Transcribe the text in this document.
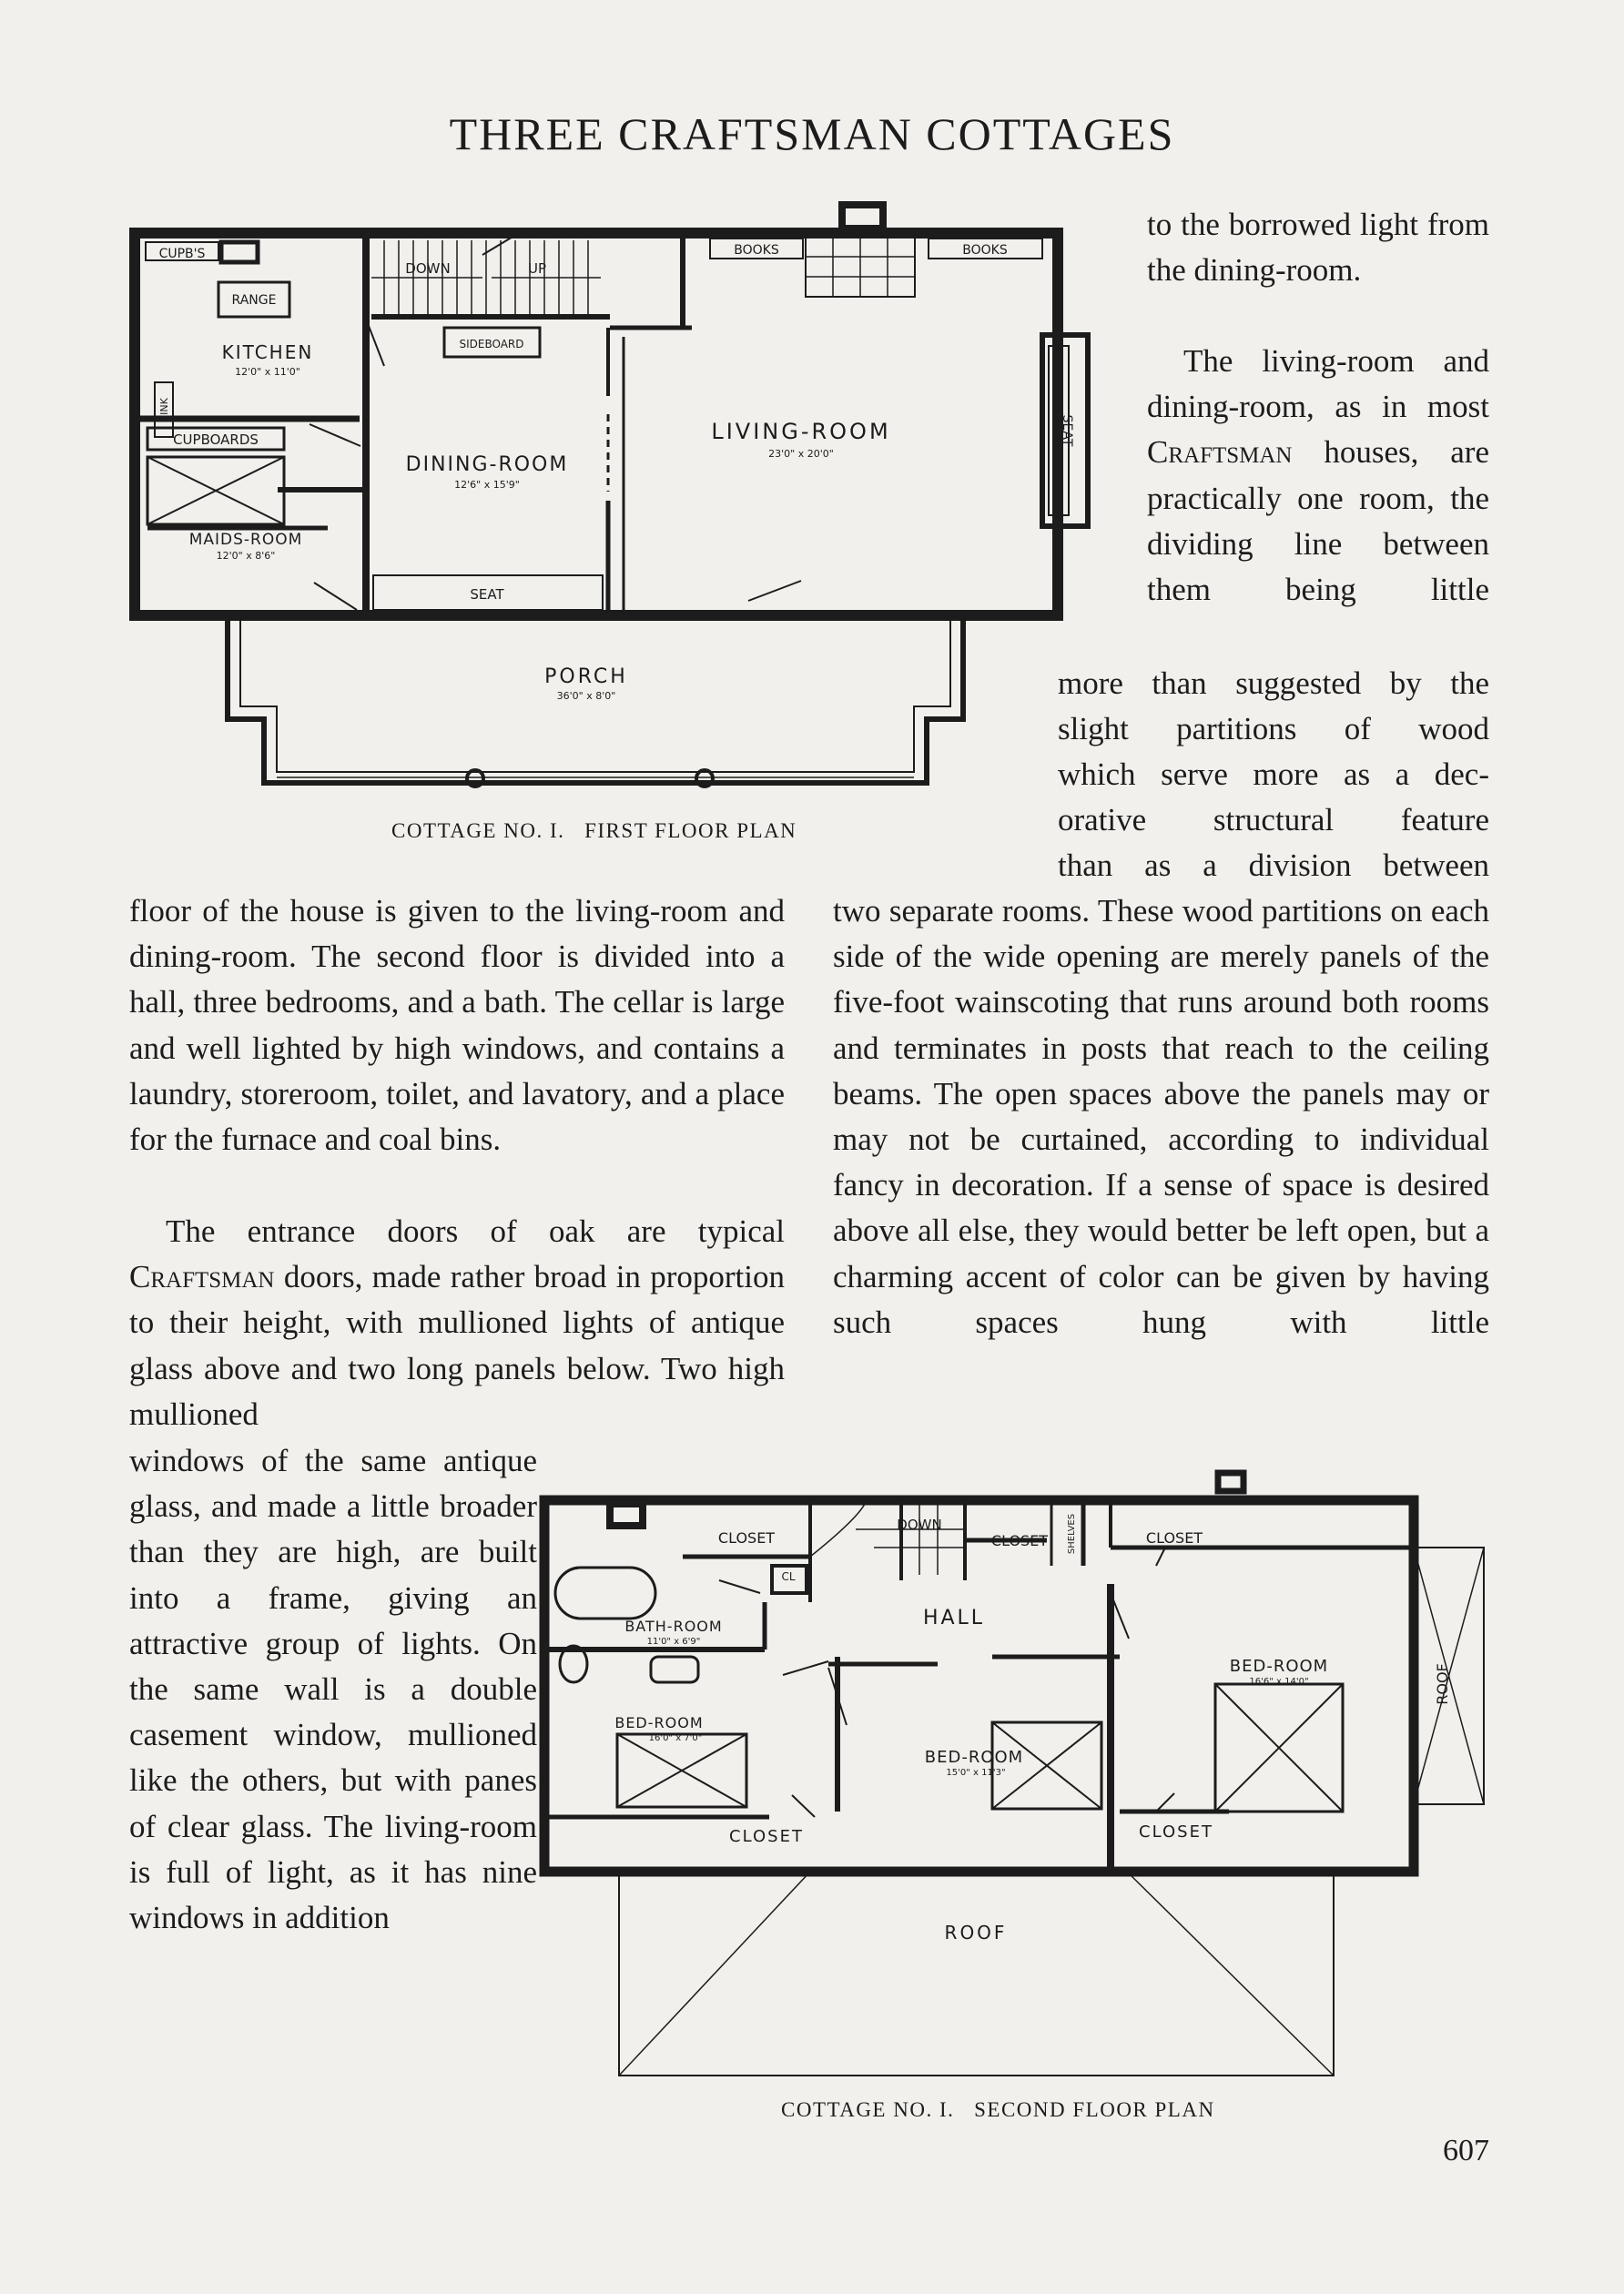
THREE CRAFTSMAN COTTAGES
CUPB'S
RANGE
KITCHEN
12'0" x 11'0"
SINK
CUPBOARDS
MAIDS-ROOM
12'0" x 8'6"
DOWN	UP
SIDEBOARD
DINING-ROOM
12'6" x 15'9"
SEAT
BOOKS	BOOKS
LIVING-ROOM
23'0" x 20'0"
SEAT
PORCH
36'0" x 8'0"

COTTAGE NO. I.   FIRST FLOOR PLAN

to the borrowed light from the dining-room.

The living-room and dining-room, as in most Craftsman houses, are practically one room, the dividing line between them being little

more than suggested by the

slight partitions of wood

which serve more as a dec-

orative structural feature

than as a division between

floor of the house is given to the living-room and dining-room. The second floor is divided into a hall, three bedrooms, and a bath. The cellar is large and well lighted by high windows, and contains a laundry, storeroom, toilet, and lavatory, and a place for the furnace and coal bins.

The entrance doors of oak are typical Craftsman doors, made rather broad in proportion to their height, with mullioned lights of antique glass above and two long panels below. Two high mullioned

two separate rooms. These wood partitions on each side of the wide opening are merely panels of the five-foot wainscoting that runs around both rooms and terminates in posts that reach to the ceiling beams. The open spaces above the panels may or may not be curtained, according to individual fancy in decoration. If a sense of space is desired above all else, they would better be left open, but a charming accent of color can be given by having such spaces hung with little

windows of the same antique glass, and made a little broader than they are high, are built into a frame, giving an attractive group of lights. On the same wall is a double casement window, mullioned like the others, but with panes of clear glass. The living-room is full of light, as it has nine windows in addition

CLOSET
CL
DOWN
CLOSET SHELVES	CLOSET
BATH-ROOM
11'0" x 6'9"
HALL
BED-ROOM
16'6" x 14'0"	ROOF
BED-ROOM
16'0" x 7'0"
BED-ROOM
15'0" x 11'3"
CLOSET	CLOSET
ROOF

COTTAGE NO. I.   SECOND FLOOR PLAN

607
